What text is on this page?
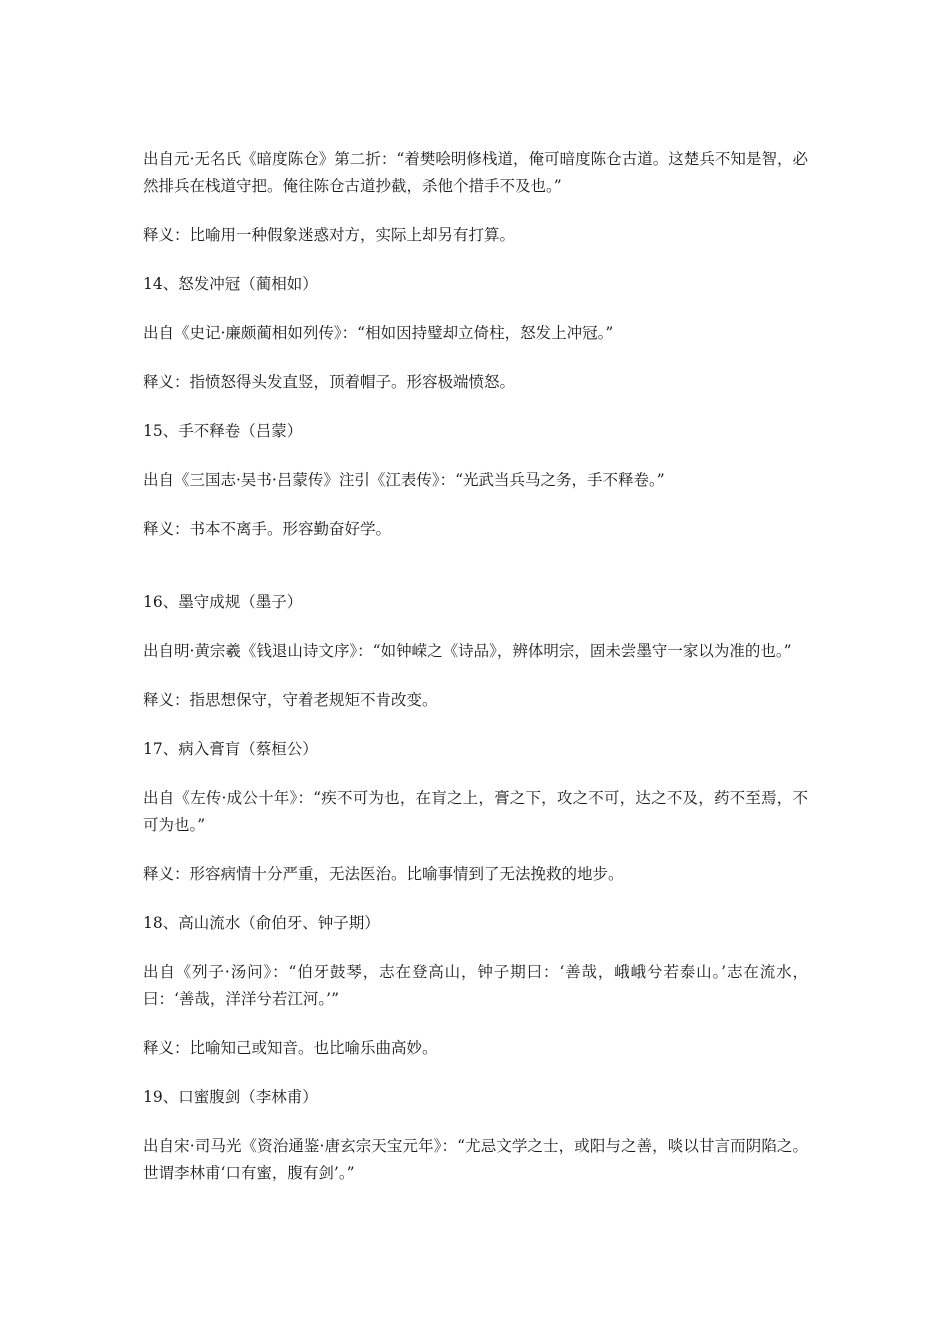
出自元·无名氏《暗度陈仓》第二折：“着樊哙明修栈道，俺可暗度陈仓古道。这楚兵不知是智，必然排兵在栈道守把。俺往陈仓古道抄截，杀他个措手不及也。”

释义：比喻用一种假象迷惑对方，实际上却另有打算。

14、怒发冲冠（蔺相如）

出自《史记·廉颇蔺相如列传》：“相如因持璧却立倚柱，怒发上冲冠。”

释义：指愤怒得头发直竖，顶着帽子。形容极端愤怒。

15、手不释卷（吕蒙）

出自《三国志·吴书·吕蒙传》注引《江表传》：“光武当兵马之务，手不释卷。”

释义：书本不离手。形容勤奋好学。

16、墨守成规（墨子）

出自明·黄宗羲《钱退山诗文序》：“如钟嵘之《诗品》，辨体明宗，固未尝墨守一家以为准的也。”

释义：指思想保守，守着老规矩不肯改变。

17、病入膏肓（蔡桓公）

出自《左传·成公十年》：“疾不可为也，在肓之上，膏之下，攻之不可，达之不及，药不至焉，不可为也。”

释义：形容病情十分严重，无法医治。比喻事情到了无法挽救的地步。

18、高山流水（俞伯牙、钟子期）

出自《列子·汤问》：“伯牙鼓琴，志在登高山，钟子期曰：‘善哉，峨峨兮若泰山。’志在流水，曰：‘善哉，洋洋兮若江河。’”

释义：比喻知己或知音。也比喻乐曲高妙。

19、口蜜腹剑（李林甫）

出自宋·司马光《资治通鉴·唐玄宗天宝元年》：“尤忌文学之士，或阳与之善，啖以甘言而阴陷之。世谓李林甫‘口有蜜，腹有剑’。”
